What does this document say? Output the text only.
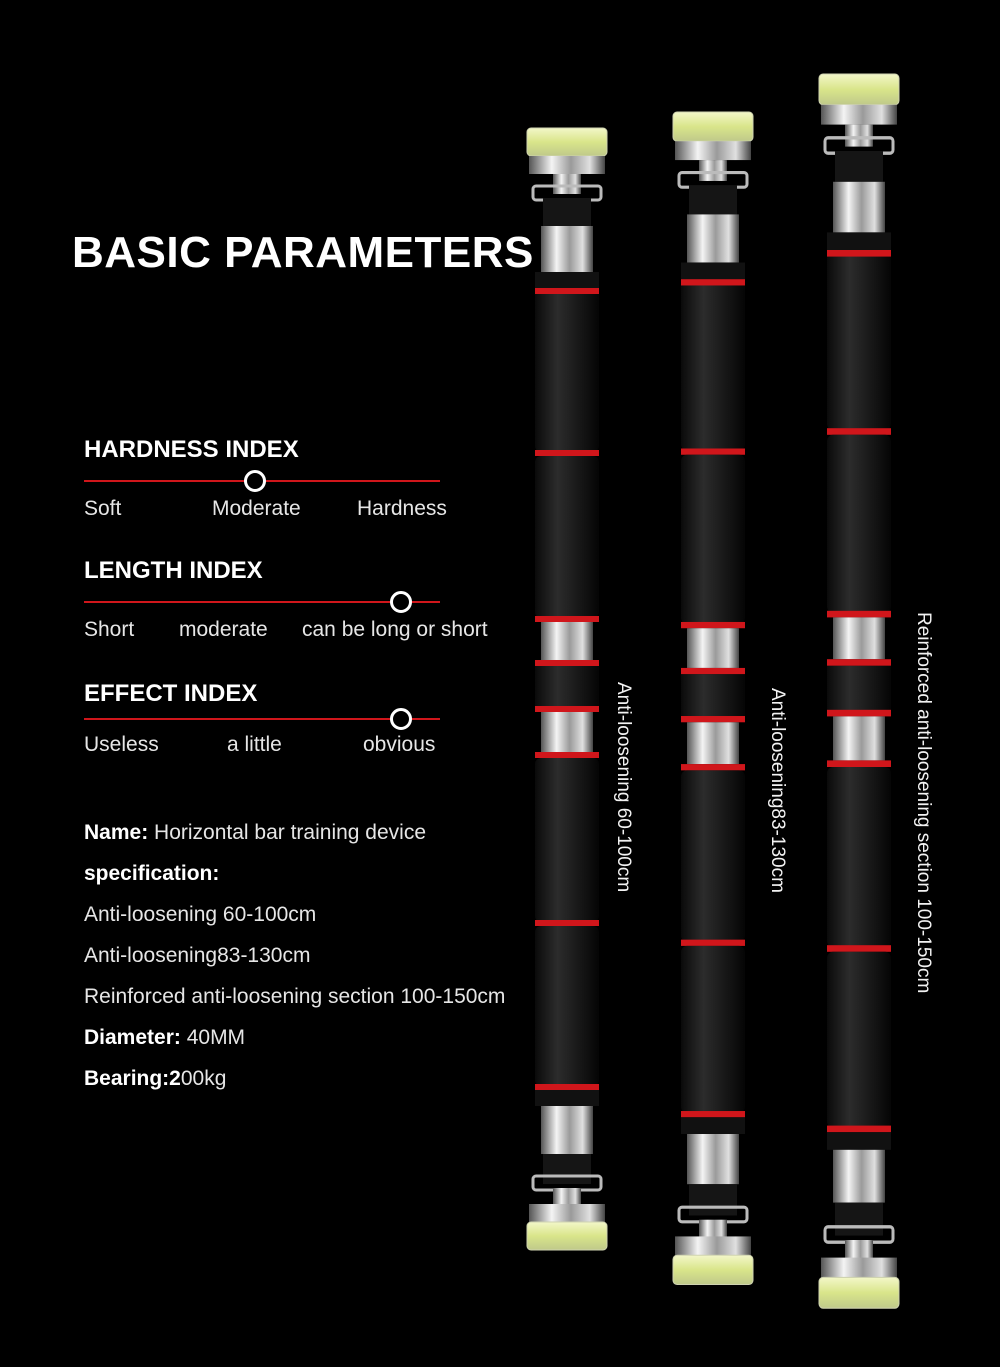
BASIC PARAMETERS
HARDNESS INDEX
Soft	Moderate	Hardness
LENGTH INDEX
Short moderate can be long or short
EFFECT INDEX
Useless	a little	obvious
Name: Horizontal bar training device
specification:
Anti-loosening 60-100cm
Anti-loosening83-130cm
Reinforced anti-loosening section 100-150cm
Diameter: 40MM
Bearing:200kg
Anti-loosening 60-100cm	Anti-loosening83-130cm	Reinforced anti-loosening section 100-150cm
